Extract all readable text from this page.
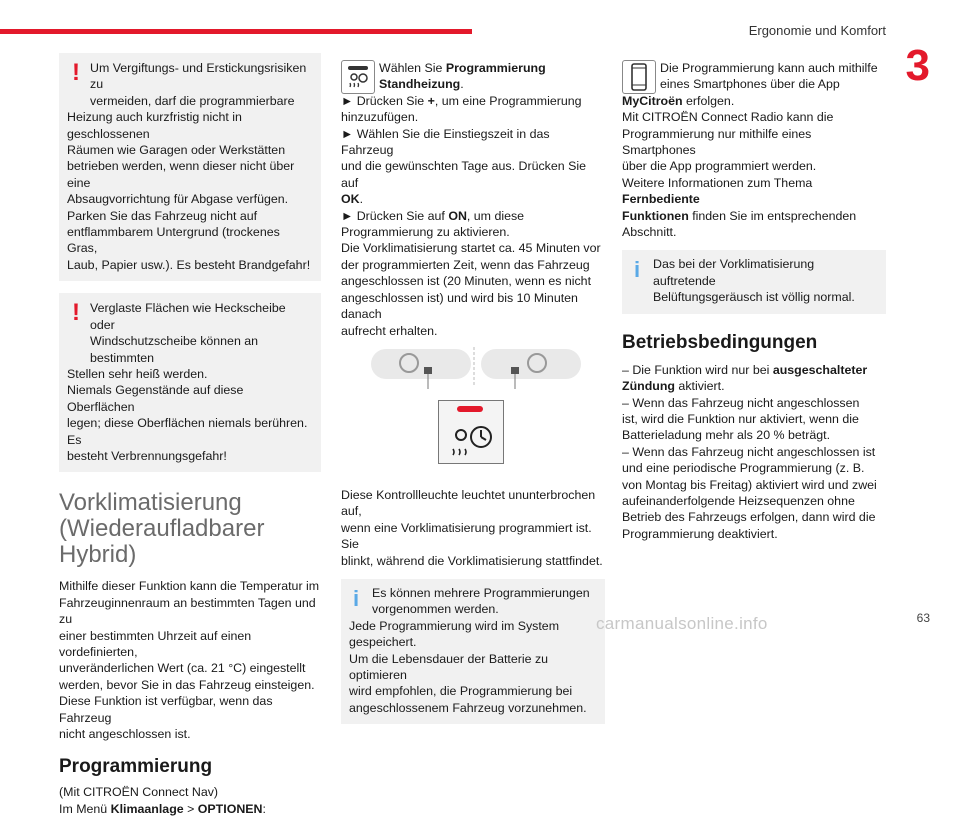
Ergonomie und Komfort
3
! Um Vergiftungs- und Erstickungsrisiken zu

vermeiden, darf die programmierbare

Heizung auch kurzfristig nicht in geschlossenen

Räumen wie Garagen oder Werkstätten

betrieben werden, wenn dieser nicht über eine

Absaugvorrichtung für Abgase verfügen.

Parken Sie das Fahrzeug nicht auf

entflammbarem Untergrund (trockenes Gras,

Laub, Papier usw.). Es besteht Brandgefahr!

! Verglaste Flächen wie Heckscheibe oder

Windschutzscheibe können an bestimmten

Stellen sehr heiß werden.

Niemals Gegenstände auf diese Oberflächen

legen; diese Oberflächen niemals berühren. Es

besteht Verbrennungsgefahr!

Vorklimatisierung
(Wiederaufladbarer Hybrid)

Mithilfe dieser Funktion kann die Temperatur im

Fahrzeuginnenraum an bestimmten Tagen und zu

einer bestimmten Uhrzeit auf einen vordefinierten,

unveränderlichen Wert (ca. 21 °C) eingestellt

werden, bevor Sie in das Fahrzeug einsteigen.

Diese Funktion ist verfügbar, wenn das Fahrzeug

nicht angeschlossen ist.

Programmierung

(Mit CITROËN Connect Nav)

Im Menü Klimaanlage > OPTIONEN:

Wählen Sie Programmierung

Standheizung.

► Drücken Sie +, um eine Programmierung

hinzuzufügen.

► Wählen Sie die Einstiegszeit in das Fahrzeug

und die gewünschten Tage aus. Drücken Sie auf

OK.

► Drücken Sie auf ON, um diese

Programmierung zu aktivieren.

Die Vorklimatisierung startet ca. 45 Minuten vor

der programmierten Zeit, wenn das Fahrzeug

angeschlossen ist (20 Minuten, wenn es nicht

angeschlossen ist) und wird bis 10 Minuten danach

aufrecht erhalten.

Diese Kontrollleuchte leuchtet ununterbrochen auf,

wenn eine Vorklimatisierung programmiert ist. Sie

blinkt, während die Vorklimatisierung stattfindet.

i	Es können mehrere Programmierungen

vorgenommen werden.

Jede Programmierung wird im System

gespeichert.

Um die Lebensdauer der Batterie zu optimieren

wird empfohlen, die Programmierung bei

angeschlossenem Fahrzeug vorzunehmen.

Die Programmierung kann auch mithilfe

eines Smartphones über die App

MyCitroën erfolgen.

Mit CITROËN Connect Radio kann die

Programmierung nur mithilfe eines Smartphones

über die App programmiert werden.

Weitere Informationen zum Thema Fernbediente

Funktionen finden Sie im entsprechenden

Abschnitt.

i	Das bei der Vorklimatisierung auftretende

Belüftungsgeräusch ist völlig normal.

Betriebsbedingungen

– Die Funktion wird nur bei ausgeschalteter

Zündung aktiviert.

– Wenn das Fahrzeug nicht angeschlossen

ist, wird die Funktion nur aktiviert, wenn die

Batterieladung mehr als 20 % beträgt.

– Wenn das Fahrzeug nicht angeschlossen ist

und eine periodische Programmierung (z. B.

von Montag bis Freitag) aktiviert wird und zwei

aufeinanderfolgende Heizsequenzen ohne

Betrieb des Fahrzeugs erfolgen, dann wird die

Programmierung deaktiviert.

carmanualsonline.info	63
